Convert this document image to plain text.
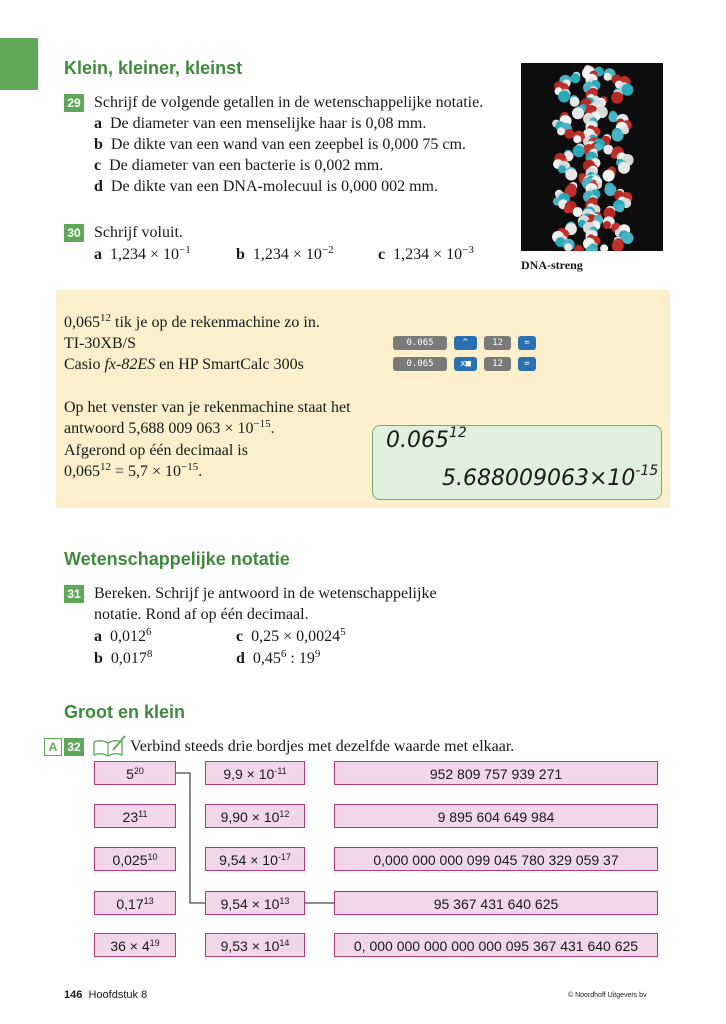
Klein, kleiner, kleinst
29 Schrijf de volgende getallen in de wetenschappelijke notatie.
a De diameter van een menselijke haar is 0,08 mm.
b De dikte van een wand van een zeepbel is 0,000 75 cm.
c De diameter van een bacterie is 0,002 mm.
d De dikte van een DNA-molecuul is 0,000 002 mm.
30 Schrijf voluit.
a $1,234 \times 10^{-1}$	b $1,234 \times 10^{-2}$	c $1,234 \times 10^{-3}$
DNA-streng
0,065$^{12}$ tik je op de rekenmachine zo in.
TI-30XB/S
Casio fx-82ES en HP SmartCalc 300s
0.065	^	12	=
0.065	x■	12	=
Op het venster van je rekenmachine staat het
antwoord 5,688 009 $063 \times 10^{-15}$.
Afgerond op één decimaal is
$0,065^{12} = 5,7 \times 10^{-15}$.
0.065$^{12}$
$5.688009063\times 10^{-15}$
Wetenschappelijke notatie
31 Bereken. Schrijf je antwoord in de wetenschappelijke
notatie. Rond af op één decimaal.
a 0,012$^6$
b 0,017$^8$
c $0,25 \times 0,0024^5$
d 0,45$^6$ : $19^9$
Groot en klein
A 32	Verbind steeds drie bordjes met dezelfde waarde met elkaar.
$5^{20}$
$23^{11}$
0,025$^{10}$
0,17$^{13}$
$36 \times 4^{19}$
$9,9 \times 10^{-11}$
$9,90 \times 10^{12}$
$9,54 \times 10^{-17}$
$9,54 \times 10^{13}$
$9,53 \times 10^{14}$
952 809 757 939 271
9 895 604 649 984
0,000 000 000 099 045 780 329 059 37
95 367 431 640 625
0, 000 000 000 000 000 095 367 431 640 625
146 Hoofdstuk 8	© Noordhoff Uitgevers bv
